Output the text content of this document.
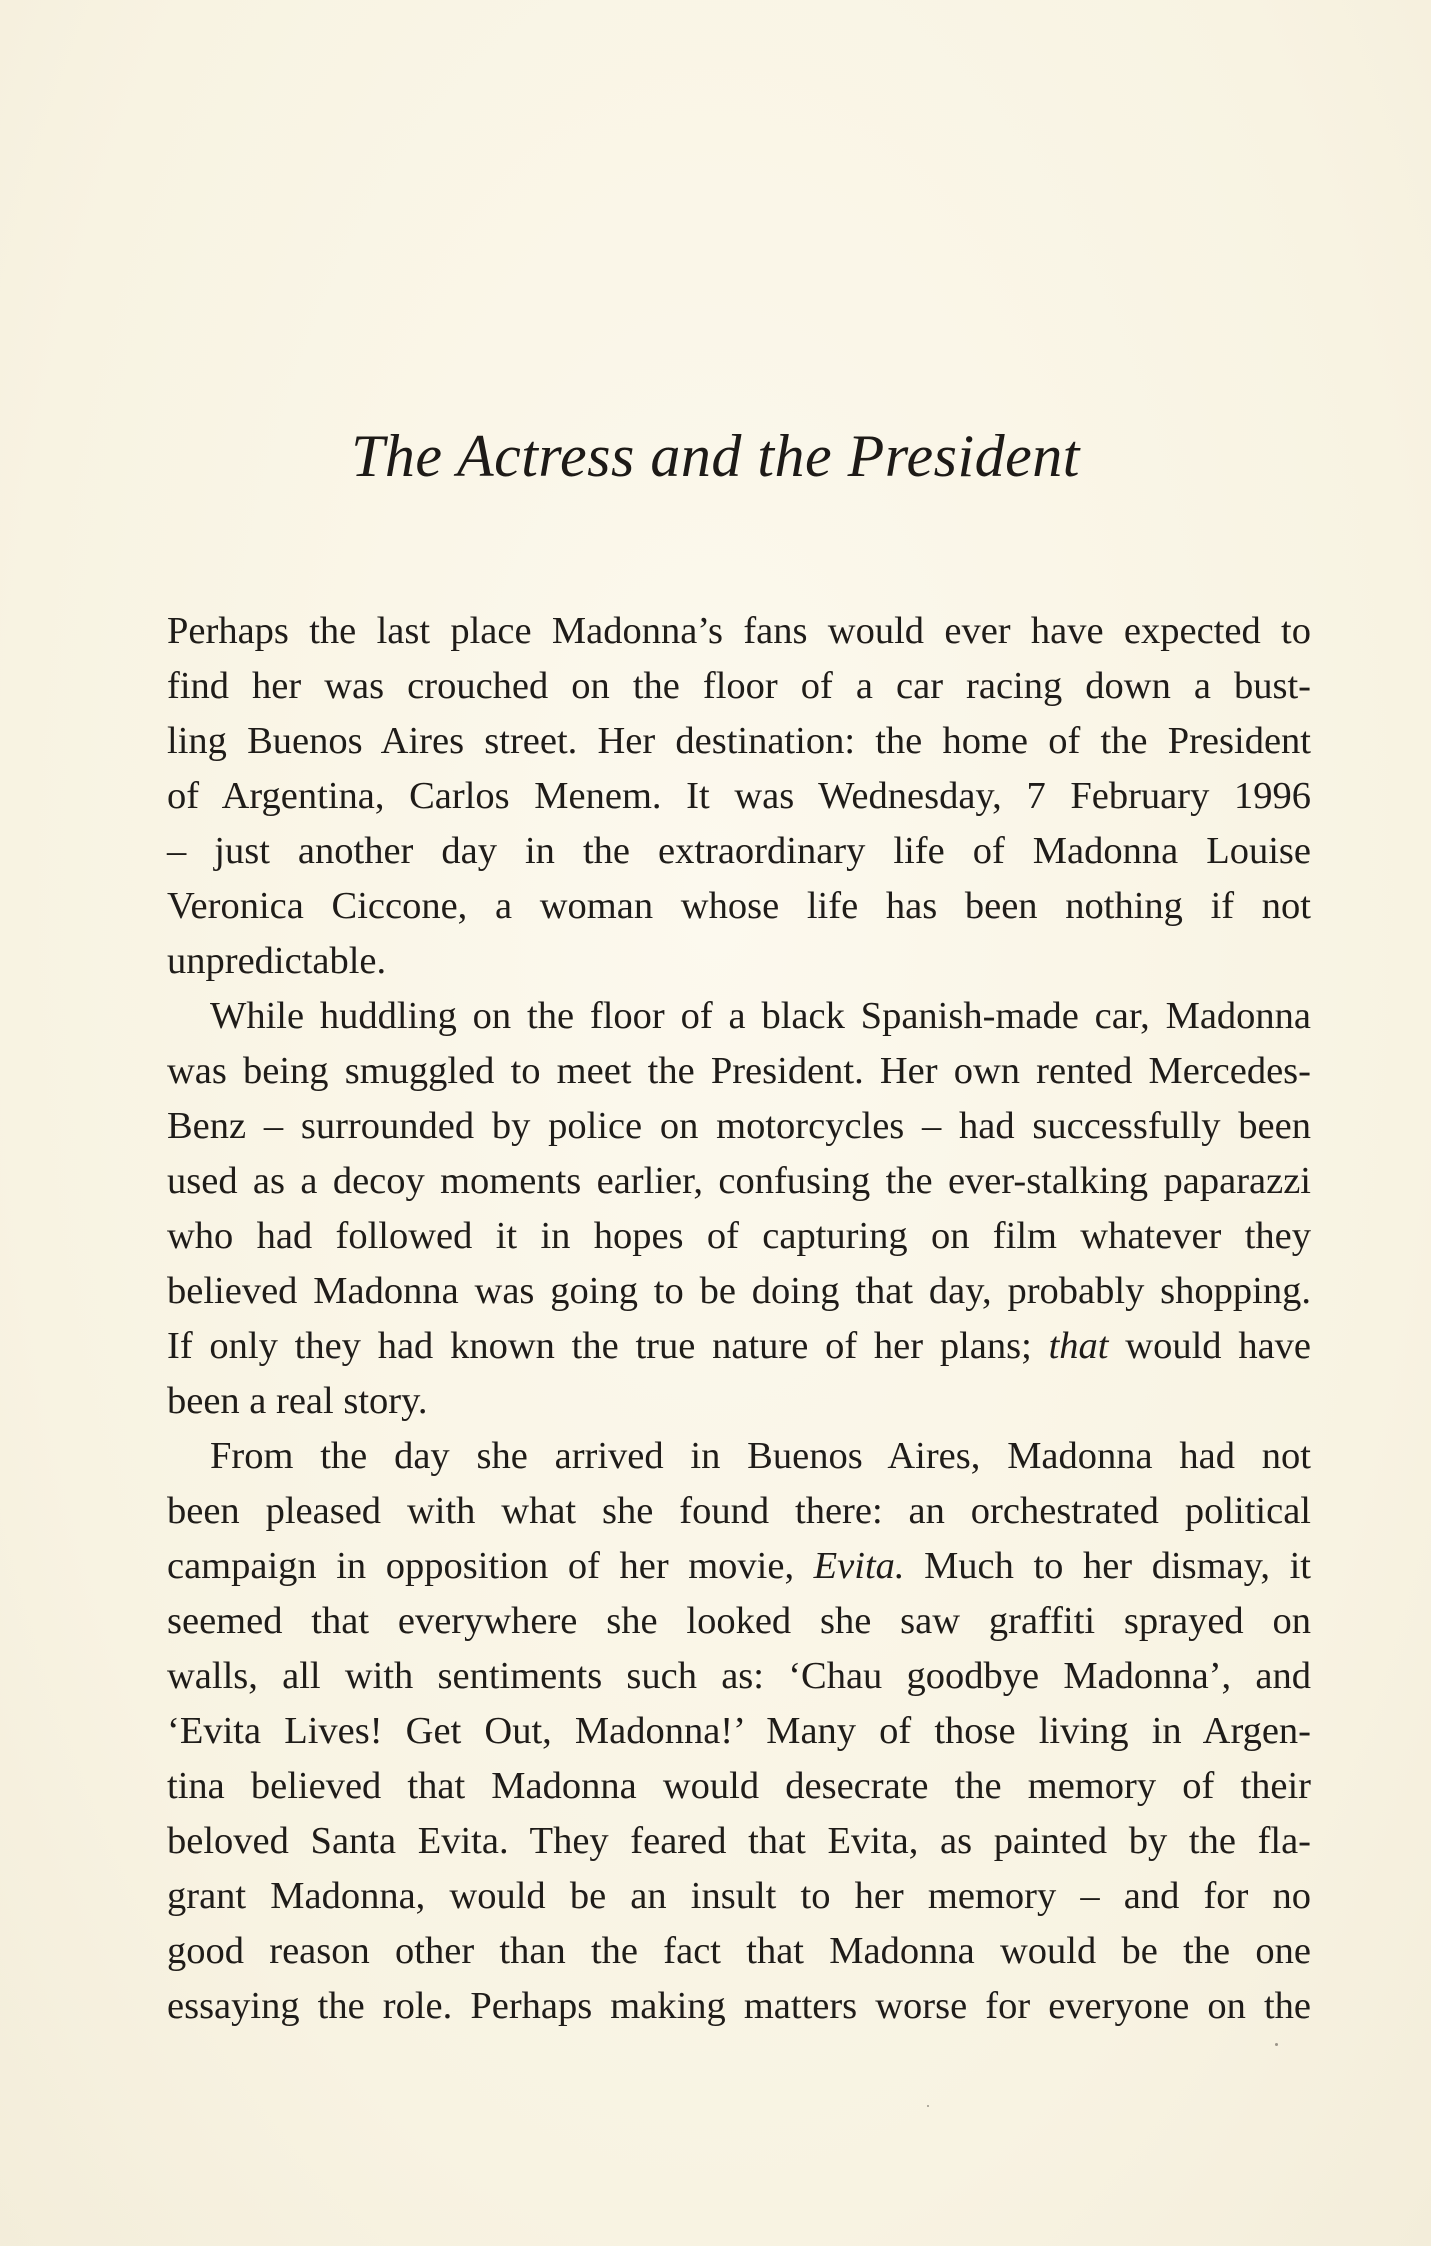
The Actress and the President
Perhaps the last place Madonna’s fans would ever have expected to
find her was crouched on the floor of a car racing down a bust-
ling Buenos Aires street. Her destination: the home of the President
of Argentina, Carlos Menem. It was Wednesday, 7 February 1996
– just another day in the extraordinary life of Madonna Louise
Veronica Ciccone, a woman whose life has been nothing if not
unpredictable.
While huddling on the floor of a black Spanish-made car, Madonna
was being smuggled to meet the President. Her own rented Mercedes-
Benz – surrounded by police on motorcycles – had successfully been
used as a decoy moments earlier, confusing the ever-stalking paparazzi
who had followed it in hopes of capturing on film whatever they
believed Madonna was going to be doing that day, probably shopping.
If only they had known the true nature of her plans; that would have
been a real story.
From the day she arrived in Buenos Aires, Madonna had not
been pleased with what she found there: an orchestrated political
campaign in opposition of her movie, Evita. Much to her dismay, it
seemed that everywhere she looked she saw graffiti sprayed on
walls, all with sentiments such as: ‘Chau goodbye Madonna’, and
‘Evita Lives! Get Out, Madonna!’ Many of those living in Argen-
tina believed that Madonna would desecrate the memory of their
beloved Santa Evita. They feared that Evita, as painted by the fla-
grant Madonna, would be an insult to her memory – and for no
good reason other than the fact that Madonna would be the one
essaying the role. Perhaps making matters worse for everyone on the
